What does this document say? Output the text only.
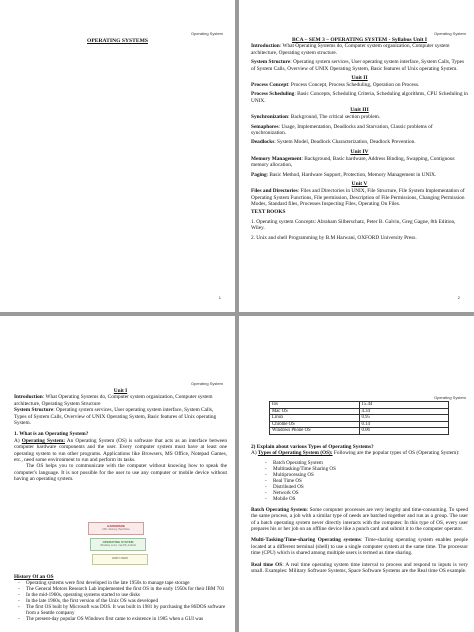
Operating System
OPERATING SYSTEMS
1
Operating System

BCA – SEM 3 – OPERATING SYSTEM - Syllabus Unit I

Introduction: What Operating Systems do, Computer system organization, Computer system architecture, Operating system structure.

System Structure: Operating system services, User operating system interface, System Calls, Types of System Calls, Overview of UNIX Operating System, Basic features of Unix operating System.

Unit II

Process Concept: Process Concept, Process Scheduling, Operation on Process.

Process Scheduling: Basic Concepts, Scheduling Criteria, Scheduling algorithms, CPU Scheduling in UNIX.

Unit III

Synchronization: Background, The critical section problem.

Semaphores: Usage, Implementation, Deadlocks and Starvation, Classic problems of synchronization.

Deadlocks: System Model, Deadlock Characterization, Deadlock Prevention.

Unit IV

Memory Management: Background, Basic hardware, Address Binding, Swapping, Contiguous memory allocation,

Paging: Basic Method, Hardware Support, Protection, Memory Management in UNIX.

Unit V

Files and Directories: Files and Directories in UNIX, File Structure, File System Implementation of Operating System Functions, File permission, Description of File Permissions, Changing Permission Modes, Standard files, Processes Inspecting Files, Operating On Files.

TEXT BOOKS

1. Operating system Concepts: Abraham Silberschatz, Peter B. Galvin, Greg Gagne, 8th Edition, Wiley.

2. Unix and shell Programming by B.M Harwani, OXFORD University Press.

2
Operating System
Unit I

Introduction: What Operating Systems do, Computer system organization, Computer system architecture, Operating System Structure

System Structure: Operating system services, User operating system interface, System Calls, Types of System Calls, Overview of UNIX Operating System, Basic features of Unix operating System.

1. What is an Operating System?

A) Operating System: An Operating System (OS) is software that acts as an interface between computer hardware components and the user. Every computer system must have at least one operating system to run other programs. Applications like Browsers, MS Office, Notepad Games, etc., need some environment to run and perform its tasks.

The OS helps you to communicate with the computer without knowing how to speak the computer's language. It is not possible for the user to use any computer or mobile device without having an operating system.

HARDWARE
CPU, Memory, Hard Drive
OPERATING SYSTEM
Windows, Linux, macOS, Android
END USER

History Of an OS

- Operating systems were first developed in the late 1950s to manage tape storage
- The General Motors Research Lab implemented the first OS in the early 1950s for their IBM 701
- In the mid-1960s, operating systems started to use disks
- In the late 1960s, the first version of the Unix OS was developed
- The first OS built by Microsoft was DOS. It was built in 1981 by purchasing the 86DOS software from a Seattle company
- The present-day popular OS Windows first came to existence in 1985 when a GUI was
Operating System
Ios	15.44
Mac OS	4.34
Linux	0.95
Chrome OS	0.14
Windows Phone OS	0.06

2) Explain about various Types of Operating Systems?

A) Types of Operating System (OS): Following are the popular types of OS (Operating System):

- Batch Operating System
- Multitasking/Time Sharing OS
- Multiprocessing OS
- Real Time OS
- Distributed OS
- Network OS
- Mobile OS

Batch Operating System: Some computer processes are very lengthy and time-consuming. To speed the same process, a job with a similar type of needs are batched together and run as a group. The user of a batch operating system never directly interacts with the computer. In this type of OS, every user prepares his or her job on an offline device like a punch card and submit it to the computer operator.

Multi-Tasking/Time-sharing Operating systems: Time-sharing operating system enables people located at a different terminal (shell) to use a single computer system at the same time. The processor time (CPU) which is shared among multiple users is termed as time sharing.

Real time OS: A real time operating system time interval to process and respond to inputs is very small. Examples: Military Software Systems, Space Software Systems are the Real time OS example.
